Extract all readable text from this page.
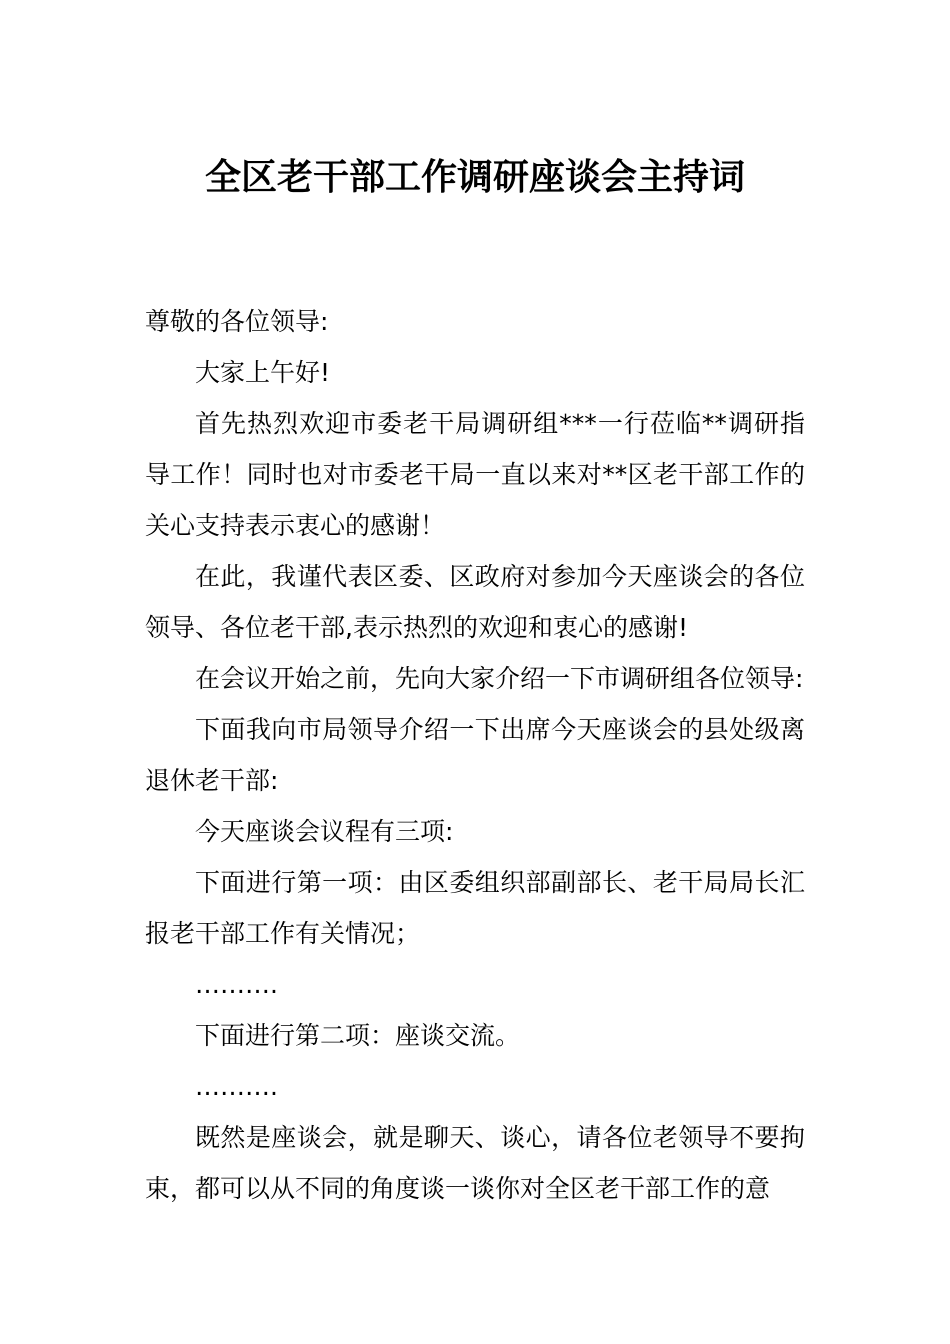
全区老干部工作调研座谈会主持词

尊敬的各位领导:

大家上午好!

首先热烈欢迎市委老干局调研组***一行莅临**调研指导工作！同时也对市委老干局一直以来对**区老干部工作的关心支持表示衷心的感谢！

在此，我谨代表区委、区政府对参加今天座谈会的各位领导、各位老干部,表示热烈的欢迎和衷心的感谢!

在会议开始之前，先向大家介绍一下市调研组各位领导:

下面我向市局领导介绍一下出席今天座谈会的县处级离退休老干部:

今天座谈会议程有三项:

下面进行第一项：由区委组织部副部长、老干局局长汇报老干部工作有关情况；

……….

下面进行第二项：座谈交流。

……….

既然是座谈会，就是聊天、谈心，请各位老领导不要拘束，都可以从不同的角度谈一谈你对全区老干部工作的意
